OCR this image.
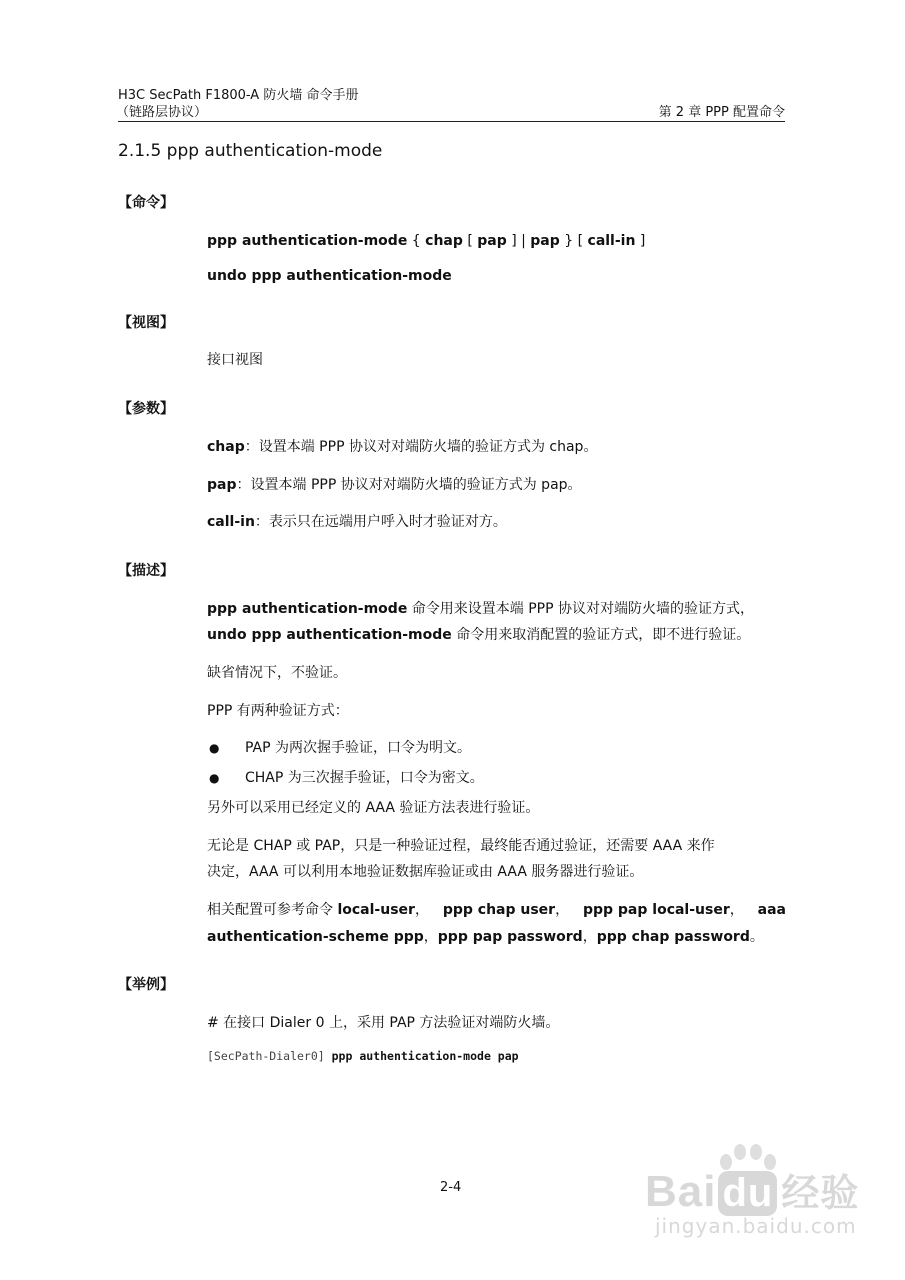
H3C SecPath F1800-A 防火墙 命令手册
（链路层协议）	第 2 章 PPP 配置命令
2.1.5 ppp authentication-mode
【命令】
ppp authentication-mode { chap [ pap ] | pap } [ call-in ]
undo ppp authentication-mode
【视图】
接口视图
【参数】
chap：设置本端 PPP 协议对对端防火墙的验证方式为 chap。
pap：设置本端 PPP 协议对对端防火墙的验证方式为 pap。
call-in：表示只在远端用户呼入时才验证对方。
【描述】
ppp authentication-mode 命令用来设置本端 PPP 协议对对端防火墙的验证方式，
undo ppp authentication-mode 命令用来取消配置的验证方式，即不进行验证。
缺省情况下，不验证。
PPP 有两种验证方式：
● PAP 为两次握手验证，口令为明文。
● CHAP 为三次握手验证，口令为密文。
另外可以采用已经定义的 AAA 验证方法表进行验证。
无论是 CHAP 或 PAP，只是一种验证过程，最终能否通过验证，还需要 AAA 来作
决定，AAA 可以利用本地验证数据库验证或由 AAA 服务器进行验证。
相关配置可参考命令 local-user， ppp chap user， ppp pap local-user， aaa
authentication-scheme ppp，ppp pap password，ppp chap password。
【举例】
# 在接口 Dialer 0 上，采用 PAP 方法验证对端防火墙。
[SecPath-Dialer0] ppp authentication-mode pap
2-4	Bai du 经验
jingyan.baidu.com
